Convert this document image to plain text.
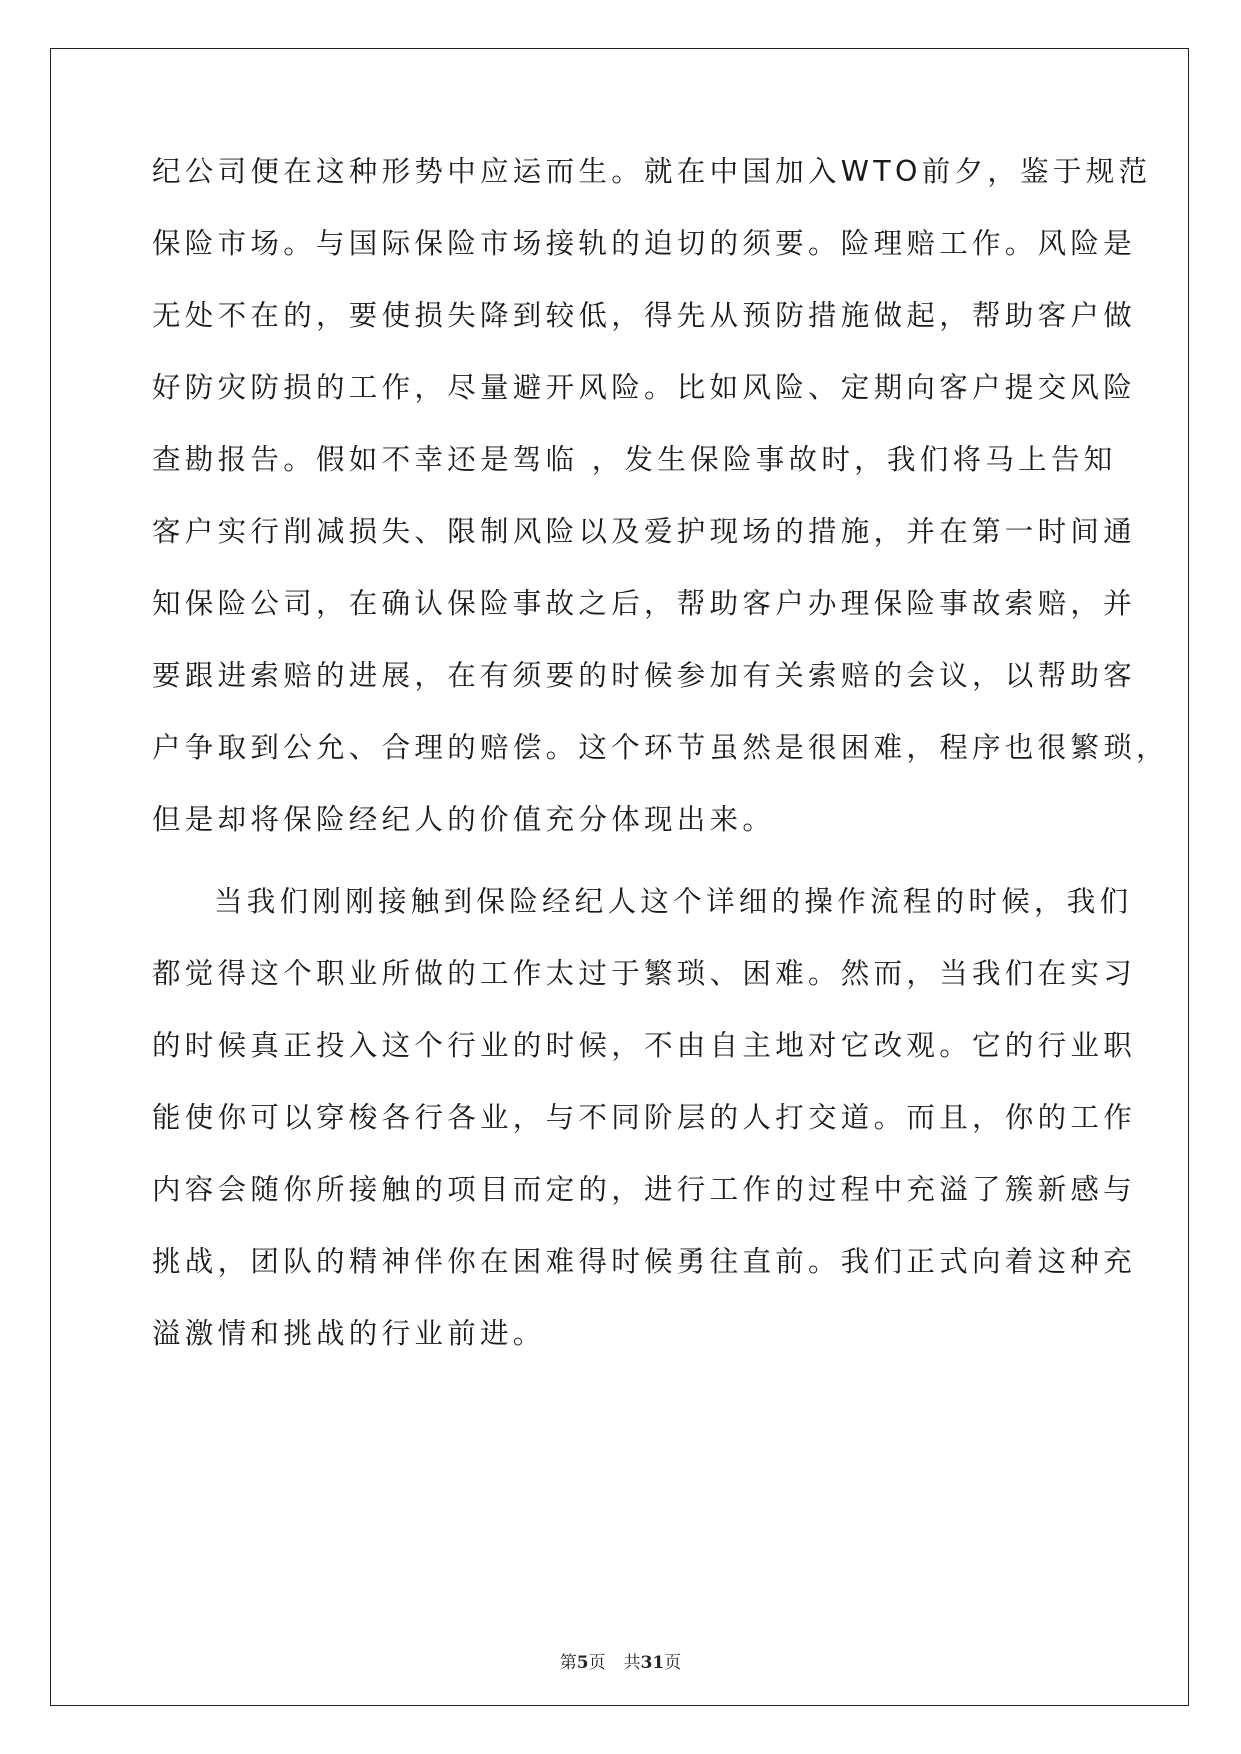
纪公司便在这种形势中应运而生。就在中国加入WTO前夕，鉴于规范
保险市场。与国际保险市场接轨的迫切的须要。险理赔工作。风险是
无处不在的，要使损失降到较低，得先从预防措施做起，帮助客户做
好防灾防损的工作，尽量避开风险。比如风险、定期向客户提交风险
查勘报告。假如不幸还是驾临 ，发生保险事故时，我们将马上告知
客户实行削减损失、限制风险以及爱护现场的措施，并在第一时间通
知保险公司，在确认保险事故之后，帮助客户办理保险事故索赔，并
要跟进索赔的进展，在有须要的时候参加有关索赔的会议，以帮助客
户争取到公允、合理的赔偿。这个环节虽然是很困难，程序也很繁琐，
但是却将保险经纪人的价值充分体现出来。
当我们刚刚接触到保险经纪人这个详细的操作流程的时候，我们
都觉得这个职业所做的工作太过于繁琐、困难。然而，当我们在实习
的时候真正投入这个行业的时候，不由自主地对它改观。它的行业职
能使你可以穿梭各行各业，与不同阶层的人打交道。而且，你的工作
内容会随你所接触的项目而定的，进行工作的过程中充溢了簇新感与
挑战，团队的精神伴你在困难得时候勇往直前。我们正式向着这种充
溢激情和挑战的行业前进。
第5页 共31页
